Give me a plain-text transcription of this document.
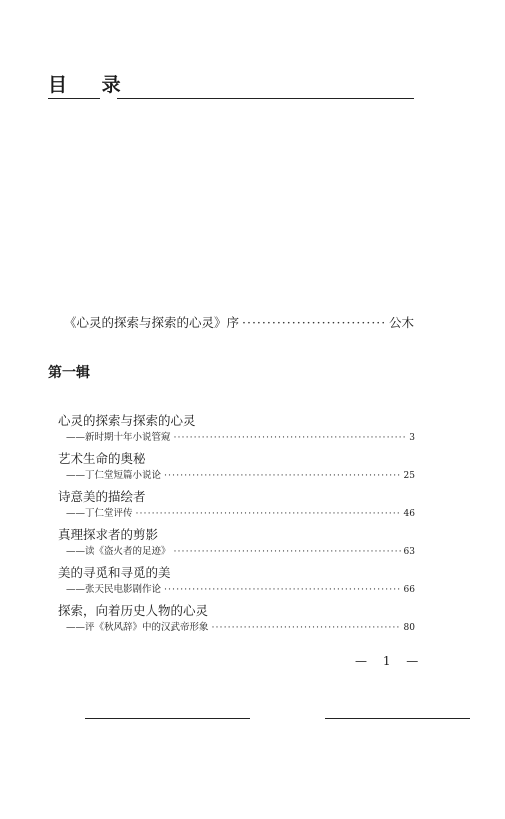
目 录
《心灵的探索与探索的心灵》序 ·····	公木
第一辑
心灵的探索与探索的心灵
—— 新时期十年小说管窥 ·····	3
艺术生命的奥秘
—— 丁仁堂短篇小说论 ·····	25
诗意美的描绘者
—— 丁仁堂评传 ·····	46
真理探求者的剪影
—— 读《盗火者的足迹》 ·····	63
美的寻觅和寻觅的美
—— 张天民电影剧作论 ·····	66
探索，向着历史人物的心灵
—— 评《秋风辞》中的汉武帝形象 ·····	80
— 1 —
